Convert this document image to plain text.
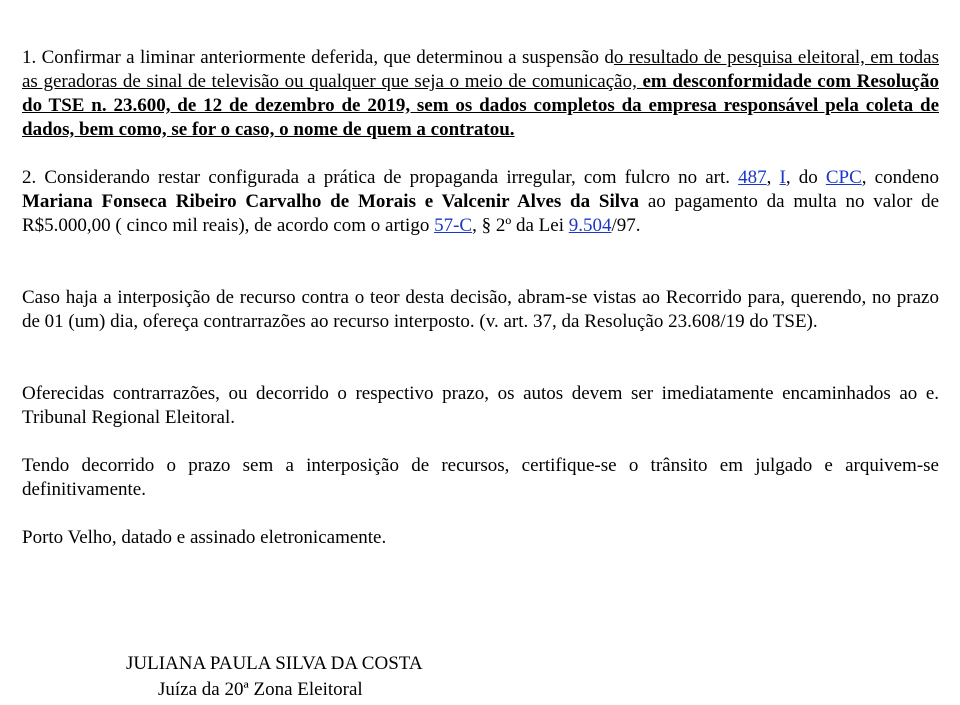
1. Confirmar a liminar anteriormente deferida, que determinou a suspensão do resultado de pesquisa eleitoral, em todas as geradoras de sinal de televisão ou qualquer que seja o meio de comunicação, em desconformidade com Resolução do TSE n. 23.600, de 12 de dezembro de 2019, sem os dados completos da empresa responsável pela coleta de dados, bem como, se for o caso, o nome de quem a contratou.

2. Considerando restar configurada a prática de propaganda irregular, com fulcro no art. 487, I, do CPC, condeno Mariana Fonseca Ribeiro Carvalho de Morais e Valcenir Alves da Silva ao pagamento da multa no valor de R$5.000,00 ( cinco mil reais), de acordo com o artigo 57-C, § 2º da Lei 9.504/97.

Caso haja a interposição de recurso contra o teor desta decisão, abram-se vistas ao Recorrido para, querendo, no prazo de 01 (um) dia, ofereça contrarrazões ao recurso interposto. (v. art. 37, da Resolução 23.608/19 do TSE).

Oferecidas contrarrazões, ou decorrido o respectivo prazo, os autos devem ser imediatamente encaminhados ao e. Tribunal Regional Eleitoral.

Tendo decorrido o prazo sem a interposição de recursos, certifique-se o trânsito em julgado e arquivem-se definitivamente.

Porto Velho, datado e assinado eletronicamente.

JULIANA PAULA SILVA DA COSTA
Juíza da 20ª Zona Eleitoral
